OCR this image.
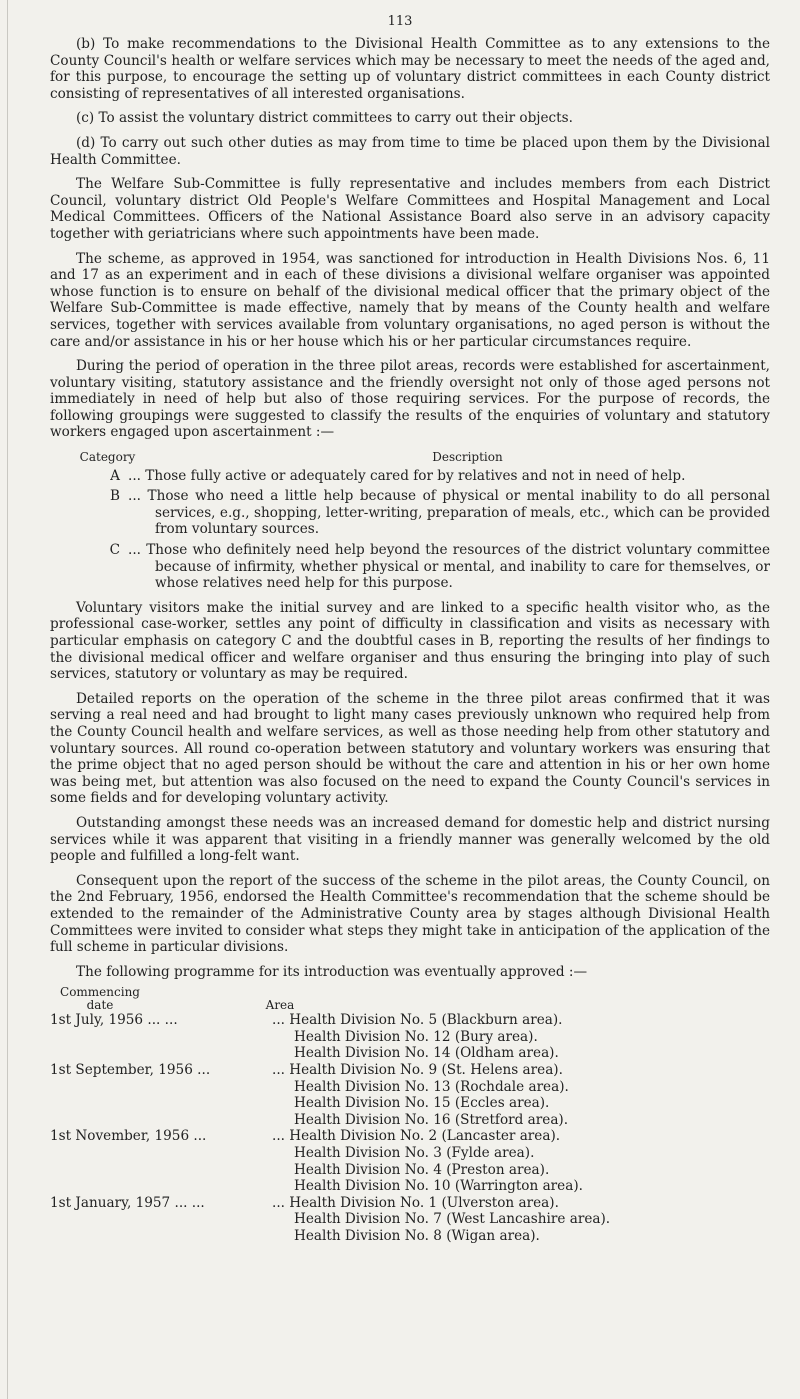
113

(b) To make recommendations to the Divisional Health Committee as to any extensions to the County Council's health or welfare services which may be necessary to meet the needs of the aged and, for this purpose, to encourage the setting up of voluntary district committees in each County district consisting of representatives of all interested organisations.

(c) To assist the voluntary district committees to carry out their objects.

(d) To carry out such other duties as may from time to time be placed upon them by the Divisional Health Committee.

The Welfare Sub-Committee is fully representative and includes members from each District Council, voluntary district Old People's Welfare Committees and Hospital Management and Local Medical Committees. Officers of the National Assistance Board also serve in an advisory capacity together with geriatricians where such appointments have been made.

The scheme, as approved in 1954, was sanctioned for introduction in Health Divisions Nos. 6, 11 and 17 as an experiment and in each of these divisions a divisional welfare organiser was appointed whose function is to ensure on behalf of the divisional medical officer that the primary object of the Welfare Sub-Committee is made effective, namely that by means of the County health and welfare services, together with services available from voluntary organisations, no aged person is without the care and/or assistance in his or her house which his or her particular circumstances require.

During the period of operation in the three pilot areas, records were established for ascertainment, voluntary visiting, statutory assistance and the friendly oversight not only of those aged persons not immediately in need of help but also of those requiring services. For the purpose of records, the following groupings were suggested to classify the results of the enquiries of voluntary and statutory workers engaged upon ascertainment :—

Category	Description
A ... Those fully active or adequately cared for by relatives and not in need of help.
B ... Those who need a little help because of physical or mental inability to do all personal services, e.g., shopping, letter-writing, preparation of meals, etc., which can be provided from voluntary sources.
C ... Those who definitely need help beyond the resources of the district voluntary committee because of infirmity, whether physical or mental, and inability to care for themselves, or whose relatives need help for this purpose.

Voluntary visitors make the initial survey and are linked to a specific health visitor who, as the professional case-worker, settles any point of difficulty in classification and visits as necessary with particular emphasis on category C and the doubtful cases in B, reporting the results of her findings to the divisional medical officer and welfare organiser and thus ensuring the bringing into play of such services, statutory or voluntary as may be required.

Detailed reports on the operation of the scheme in the three pilot areas confirmed that it was serving a real need and had brought to light many cases previously unknown who required help from the County Council health and welfare services, as well as those needing help from other statutory and voluntary sources. All round co-operation between statutory and voluntary workers was ensuring that the prime object that no aged person should be without the care and attention in his or her own home was being met, but attention was also focused on the need to expand the County Council's services in some fields and for developing voluntary activity.

Outstanding amongst these needs was an increased demand for domestic help and district nursing services while it was apparent that visiting in a friendly manner was generally welcomed by the old people and fulfilled a long-felt want.

Consequent upon the report of the success of the scheme in the pilot areas, the County Council, on the 2nd February, 1956, endorsed the Health Committee's recommendation that the scheme should be extended to the remainder of the Administrative County area by stages although Divisional Health Committees were invited to consider what steps they might take in anticipation of the application of the full scheme in particular divisions.

The following programme for its introduction was eventually approved :—

Commencing
date	Area
1st July, 1956 ... ...	... Health Division No. 5 (Blackburn area).
Health Division No. 12 (Bury area).
Health Division No. 14 (Oldham area).
1st September, 1956 ...	... Health Division No. 9 (St. Helens area).
Health Division No. 13 (Rochdale area).
Health Division No. 15 (Eccles area).
Health Division No. 16 (Stretford area).
1st November, 1956 ...	... Health Division No. 2 (Lancaster area).
Health Division No. 3 (Fylde area).
Health Division No. 4 (Preston area).
Health Division No. 10 (Warrington area).
1st January, 1957 ... ...	... Health Division No. 1 (Ulverston area).
Health Division No. 7 (West Lancashire area).
Health Division No. 8 (Wigan area).
